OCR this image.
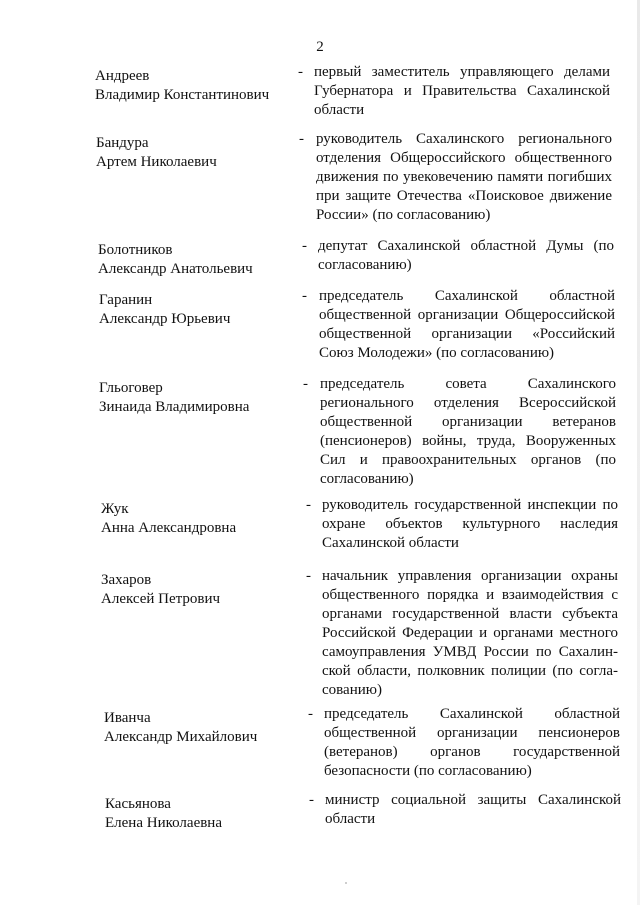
2
Андреев
Владимир Константинович
- первый заместитель управляющего делами Губернатора и Правительства Сахалинской области
Бандура
Артем Николаевич
- руководитель Сахалинского регионального отделения Общероссийского общественного движения по увековечению памяти погибших при защите Отечества «Поисковое движение России» (по согласованию)
Болотников
Александр Анатольевич
- депутат Сахалинской областной Думы (по согласованию)
Гаранин
Александр Юрьевич
- председатель Сахалинской областной общественной организации Общероссийской общественной организации «Российский Союз Молодежи» (по согласованию)
Гльоговер
Зинаида Владимировна
- председатель совета Сахалинского регионального отделения Всероссийской общественной организации ветеранов (пенсионеров) войны, труда, Вооруженных Сил и правоохранительных органов (по согласованию)
Жук
Анна Александровна
- руководитель государственной инспекции по охране объектов культурного наследия Сахалинской области
Захаров
Алексей Петрович
- начальник управления организации охраны общественного порядка и взаимодействия с органами государственной власти субъекта Российской Федерации и органами местного самоуправления УМВД России по Сахалин-ской области, полковник полиции (по согла-сованию)
Иванча
Александр Михайлович
- председатель Сахалинской областной общественной организации пенсионеров (ветеранов) органов государственной безопасности (по согласованию)
Касьянова
Елена Николаевна
- министр социальной защиты Сахалинской области
